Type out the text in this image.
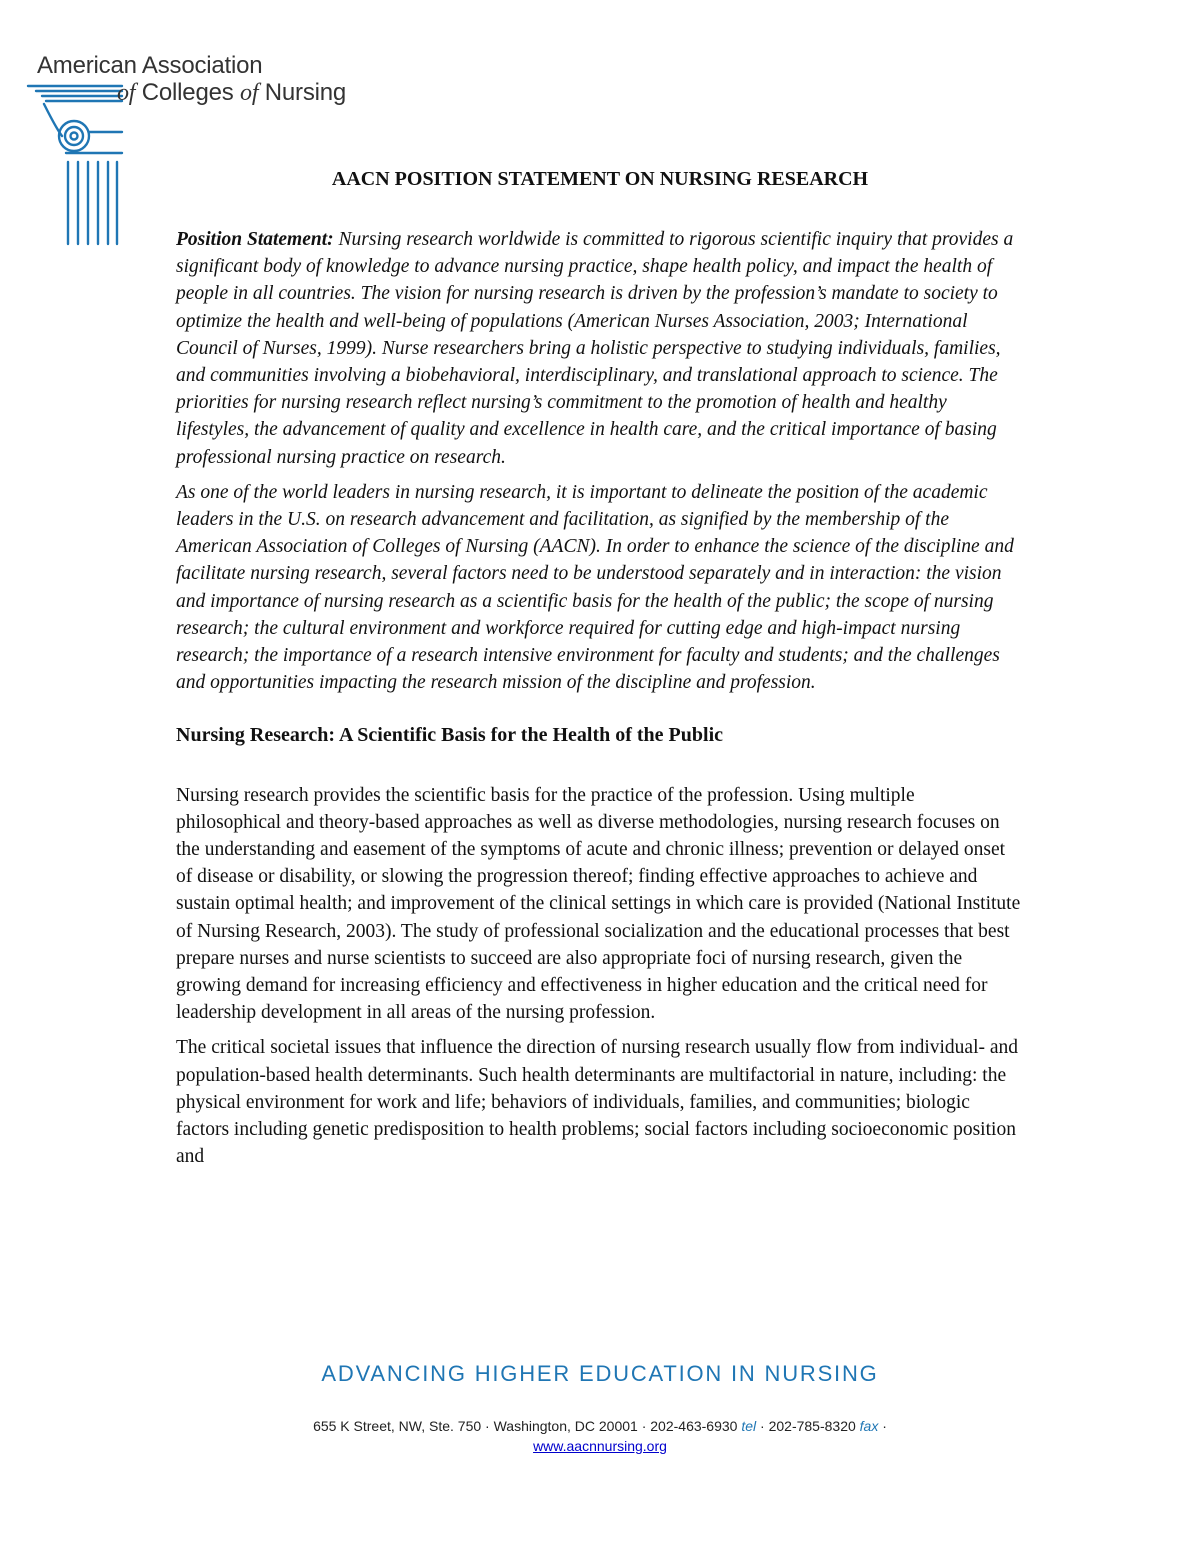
American Association
of Colleges of Nursing
AACN POSITION STATEMENT ON NURSING RESEARCH

Position Statement: Nursing research worldwide is committed to rigorous scientific inquiry that provides a significant body of knowledge to advance nursing practice, shape health policy, and impact the health of people in all countries. The vision for nursing research is driven by the profession’s mandate to society to optimize the health and well-being of populations (American Nurses Association, 2003; International Council of Nurses, 1999). Nurse researchers bring a holistic perspective to studying individuals, families, and communities involving a biobehavioral, interdisciplinary, and translational approach to science. The priorities for nursing research reflect nursing’s commitment to the promotion of health and healthy lifestyles, the advancement of quality and excellence in health care, and the critical importance of basing professional nursing practice on research.

As one of the world leaders in nursing research, it is important to delineate the position of the academic leaders in the U.S. on research advancement and facilitation, as signified by the membership of the American Association of Colleges of Nursing (AACN). In order to enhance the science of the discipline and facilitate nursing research, several factors need to be understood separately and in interaction: the vision and importance of nursing research as a scientific basis for the health of the public; the scope of nursing research; the cultural environment and workforce required for cutting edge and high-impact nursing research; the importance of a research intensive environment for faculty and students; and the challenges and opportunities impacting the research mission of the discipline and profession.

Nursing Research: A Scientific Basis for the Health of the Public

Nursing research provides the scientific basis for the practice of the profession. Using multiple philosophical and theory-based approaches as well as diverse methodologies, nursing research focuses on the understanding and easement of the symptoms of acute and chronic illness; prevention or delayed onset of disease or disability, or slowing the progression thereof; finding effective approaches to achieve and sustain optimal health; and improvement of the clinical settings in which care is provided (National Institute of Nursing Research, 2003). The study of professional socialization and the educational processes that best prepare nurses and nurse scientists to succeed are also appropriate foci of nursing research, given the growing demand for increasing efficiency and effectiveness in higher education and the critical need for leadership development in all areas of the nursing profession.

The critical societal issues that influence the direction of nursing research usually flow from individual- and population-based health determinants. Such health determinants are multifactorial in nature, including: the physical environment for work and life; behaviors of individuals, families, and communities; biologic factors including genetic predisposition to health problems; social factors including socioeconomic position and

ADVANCING HIGHER EDUCATION IN NURSING

655 K Street, NW, Ste. 750 · Washington, DC 20001 · 202-463-6930 tel · 202-785-8320 fax ·

www.aacnnursing.org
